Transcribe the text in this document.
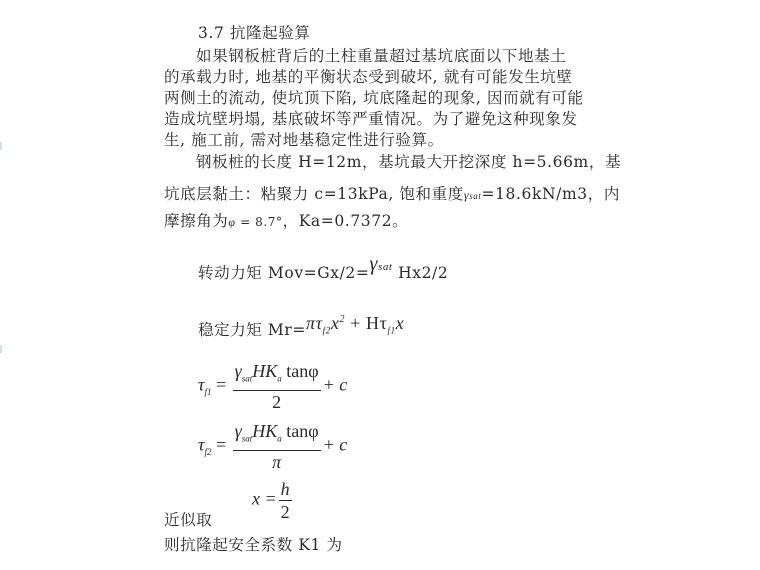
3.7 抗隆起验算
如果钢板桩背后的土柱重量超过基坑底面以下地基土
的承载力时, 地基的平衡状态受到破坏, 就有可能发生坑壁
两侧土的流动, 使坑顶下陷, 坑底隆起的现象, 因而就有可能
造成坑壁坍塌, 基底破坏等严重情况。为了避免这种现象发
生, 施工前, 需对地基稳定性进行验算。
钢板桩的长度 H=12m，基坑最大开挖深度 h=5.66m，基
坑底层黏土：粘聚力 c=13kPa, 饱和重度γsat=18.6kN/m3，内
摩擦角为φ = 8.7°，Ka=0.7372。
转动力矩 $Mov=Gx/2=\gamma^{sat}$ Hx2/2
稳定力矩 $Mr=\pi\tau_{f2}x^2 + H\tau_{f1}x$
$\tau_{f1} = \frac{\gamma_{sat}HK_a \tan\varphi}{2} + c$
$\tau_{f2} = \frac{\gamma_{sat}HK_a \tan\varphi}{\pi} + c$
$x = \frac{h}{2}$
近似取
则抗隆起安全系数 K1 为
